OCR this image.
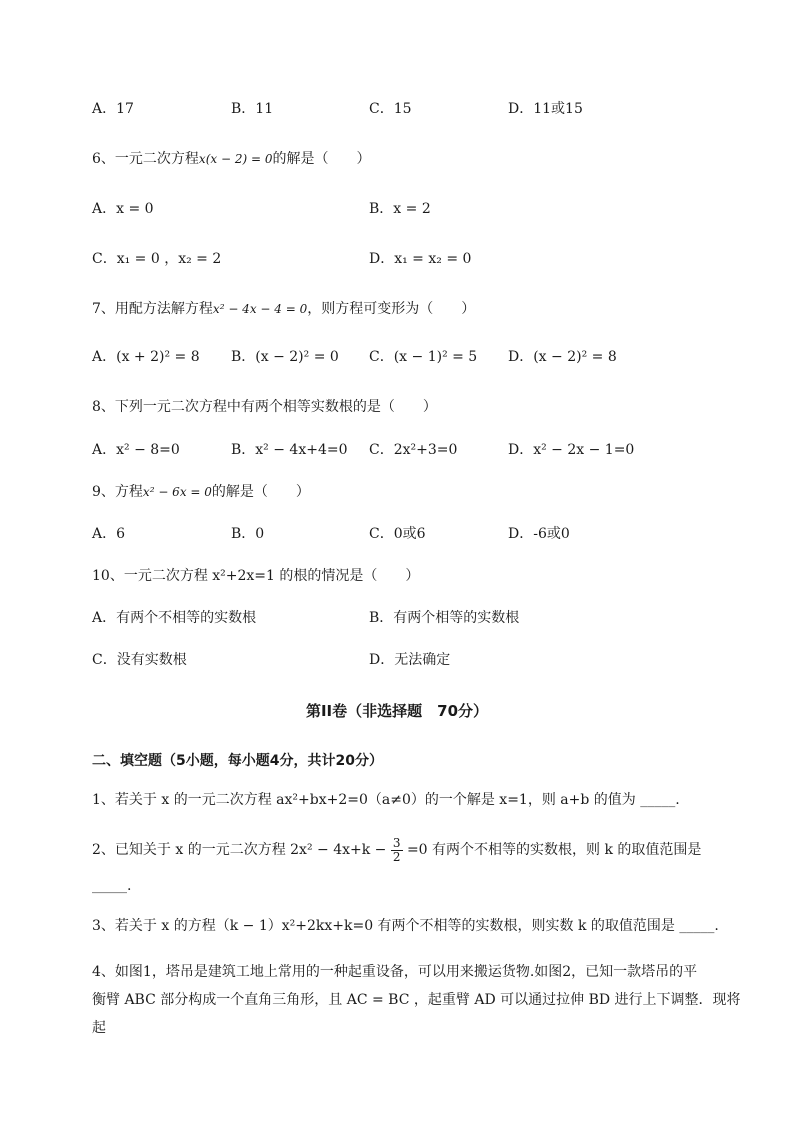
A．17	B．11	C．15	D．11或15
6、一元二次方程x(x − 2) = 0的解是（　　）
A．x = 0	B．x = 2
C．x₁ = 0 ，x₂ = 2	D．x₁ = x₂ = 0
7、用配方法解方程x² − 4x − 4 = 0，则方程可变形为（　　）
A．(x + 2)² = 8 B．(x − 2)² = 0 C．(x − 1)² = 5 D．(x − 2)² = 8
8、下列一元二次方程中有两个相等实数根的是（　　）
A．x² − 8=0	B．x² − 4x+4=0 C．2x²+3=0	D．x² − 2x − 1=0
9、方程x² − 6x = 0的解是（　　）
A．6	B．0	C．0或6	D．-6或0
10、一元二次方程 x²+2x=1 的根的情况是（　　）
A．有两个不相等的实数根	B．有两个相等的实数根
C．没有实数根	D．无法确定
第II卷（非选择题　70分）
二、填空题（5小题，每小题4分，共计20分）
1、若关于 x 的一元二次方程 ax²+bx+2=0（a≠0）的一个解是 x=1，则 a+b 的值为 _____.
2、已知关于 x 的一元二次方程 $2x^2 - 4x+k - \frac{3}{2} =0$ 有两个不相等的实数根，则 k 的取值范围是
_____.
3、若关于 x 的方程（k − 1）x²+2kx+k=0 有两个不相等的实数根，则实数 k 的取值范围是 _____.
4、如图1，塔吊是建筑工地上常用的一种起重设备，可以用来搬运货物.如图2，已知一款塔吊的平
衡臂 ABC 部分构成一个直角三角形，且 AC = BC ，起重臂 AD 可以通过拉伸 BD 进行上下调整．现将起
